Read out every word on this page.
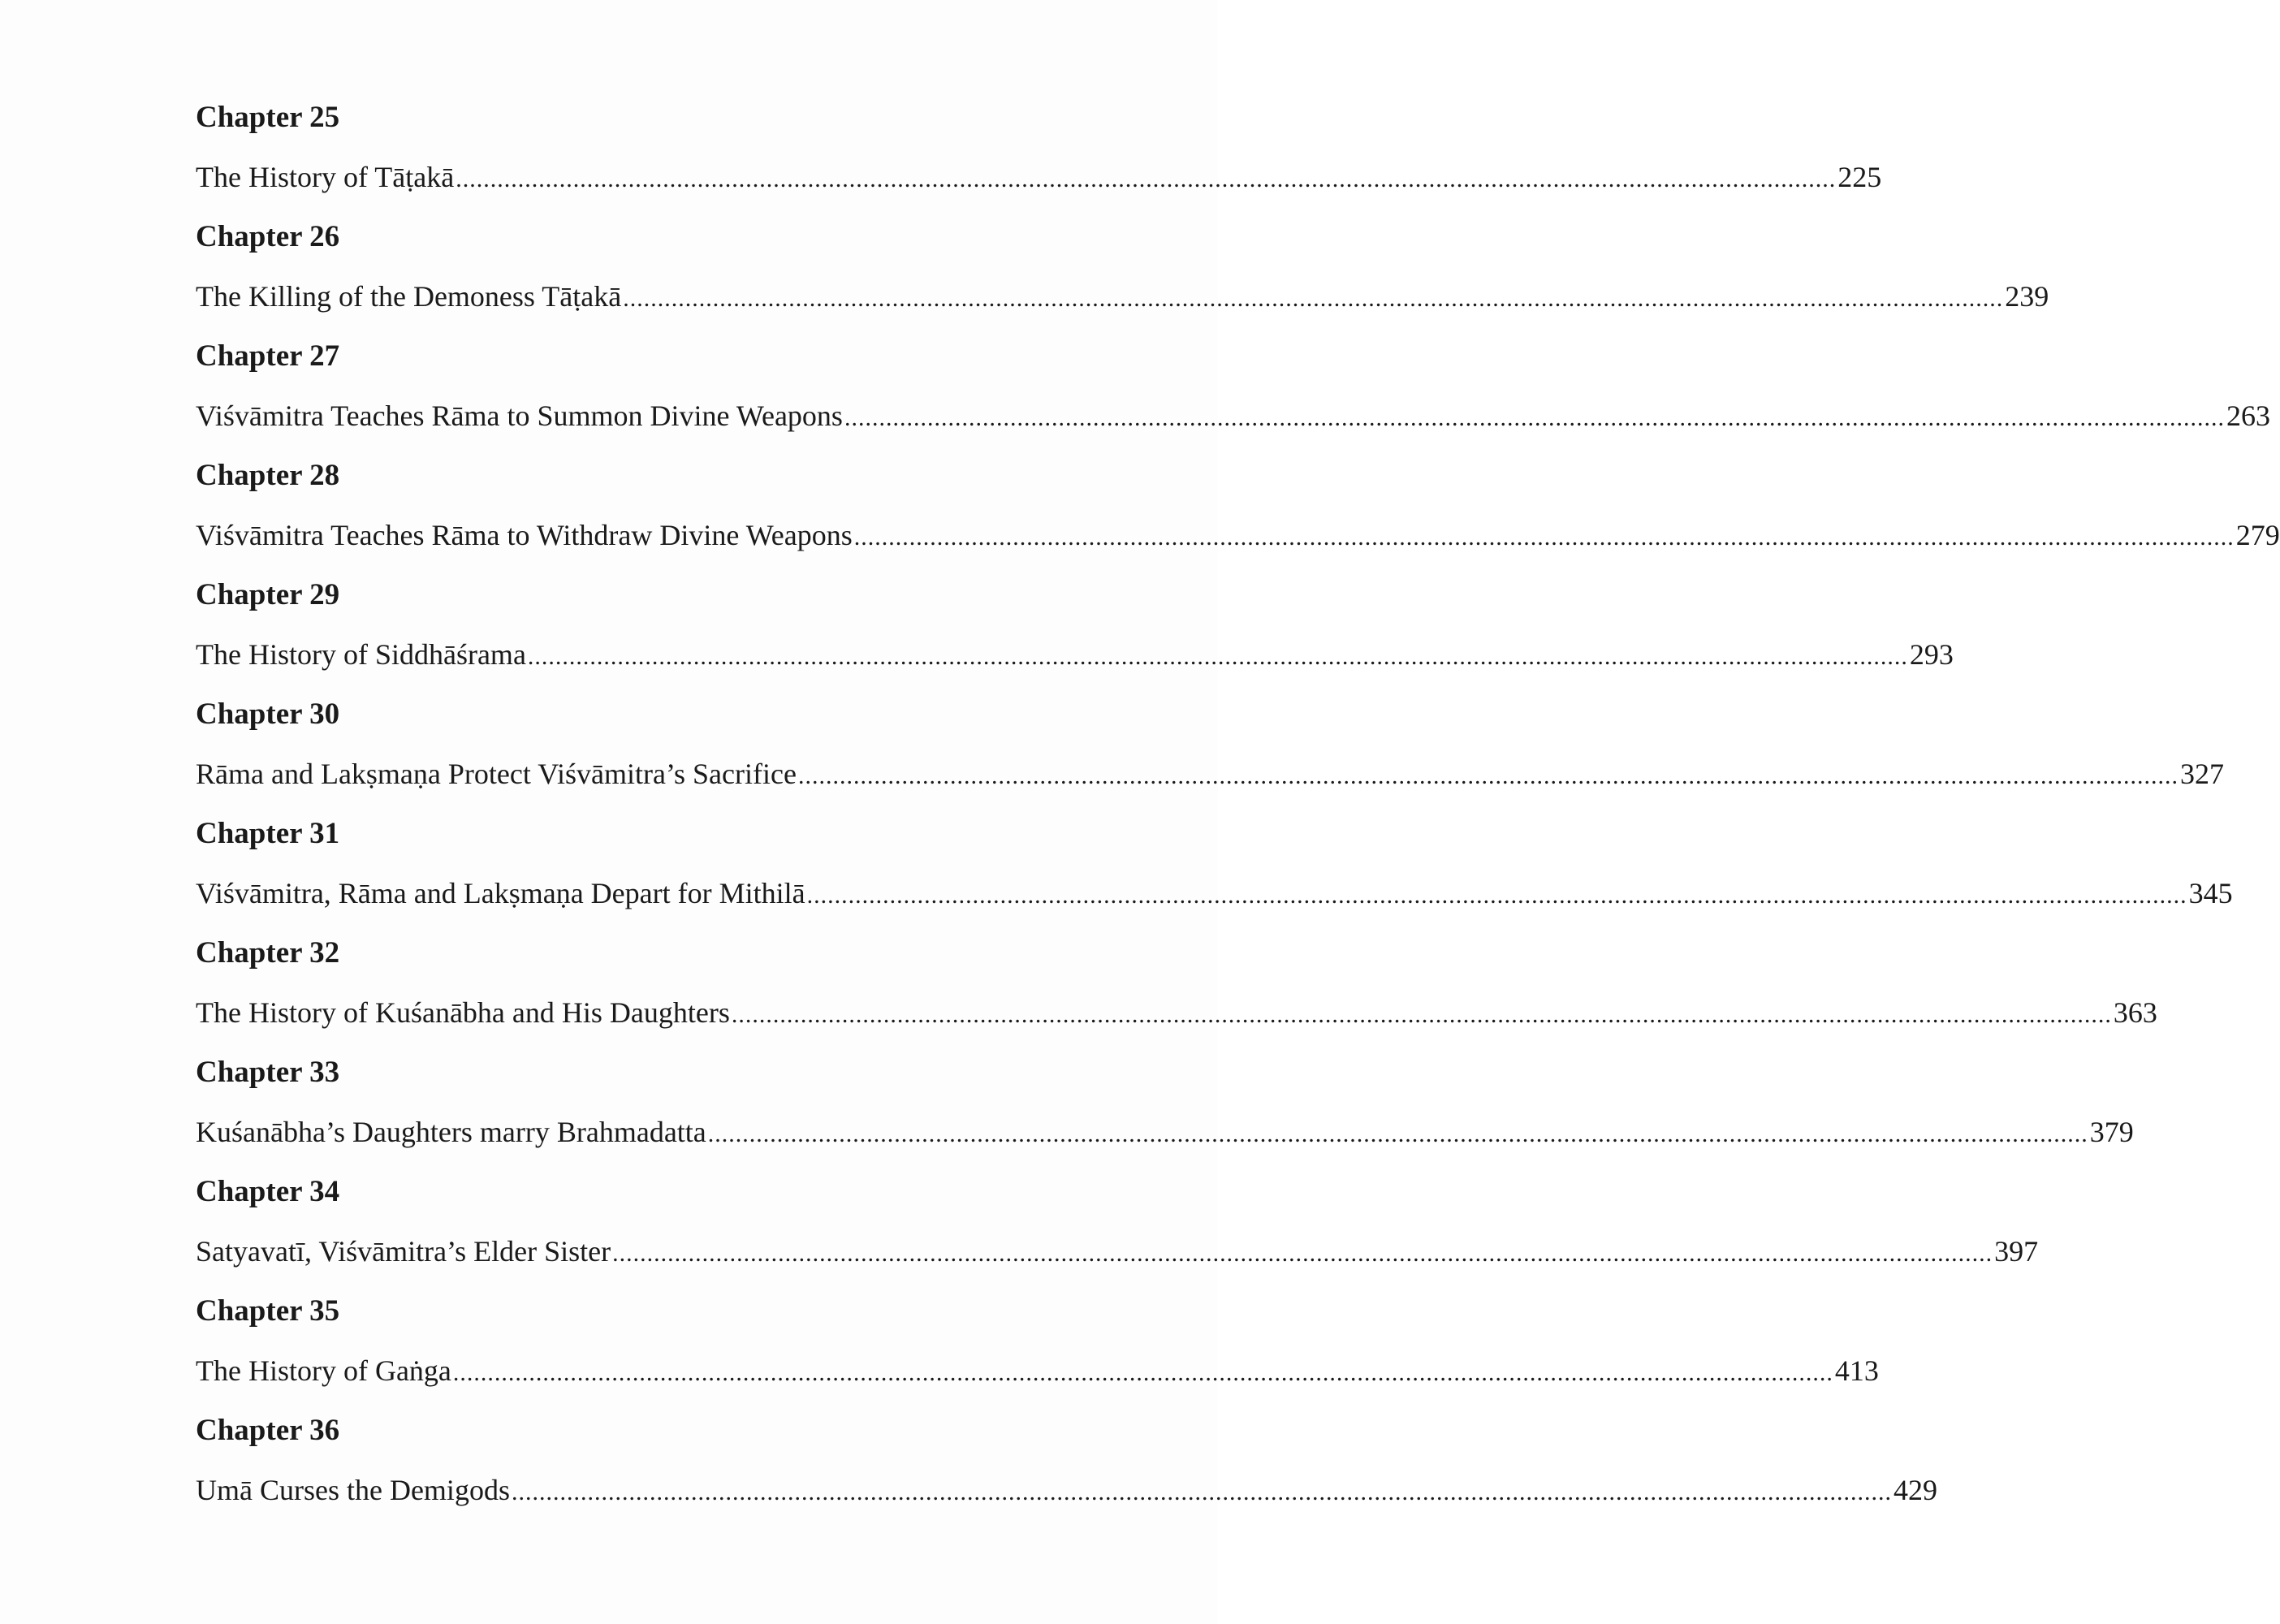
Chapter 25
The History of Tāṭakā ........................................................................................................................................................................................................ 225
Chapter 26
The Killing of the Demoness Tāṭakā ........................................................................................................................................................................................................ 239
Chapter 27
Viśvāmitra Teaches Rāma to Summon Divine Weapons ........................................................................................................................................................................................................ 263
Chapter 28
Viśvāmitra Teaches Rāma to Withdraw Divine Weapons ........................................................................................................................................................................................................ 279
Chapter 29
The History of Siddhāśrama ........................................................................................................................................................................................................ 293
Chapter 30
Rāma and Lakṣmaṇa Protect Viśvāmitra’s Sacrifice ........................................................................................................................................................................................................ 327
Chapter 31
Viśvāmitra, Rāma and Lakṣmaṇa Depart for Mithilā ........................................................................................................................................................................................................ 345
Chapter 32
The History of Kuśanābha and His Daughters ........................................................................................................................................................................................................ 363
Chapter 33
Kuśanābha’s Daughters marry Brahmadatta ........................................................................................................................................................................................................ 379
Chapter 34
Satyavatī, Viśvāmitra’s Elder Sister ........................................................................................................................................................................................................ 397
Chapter 35
The History of Gaṅga ........................................................................................................................................................................................................ 413
Chapter 36
Umā Curses the Demigods ........................................................................................................................................................................................................ 429
